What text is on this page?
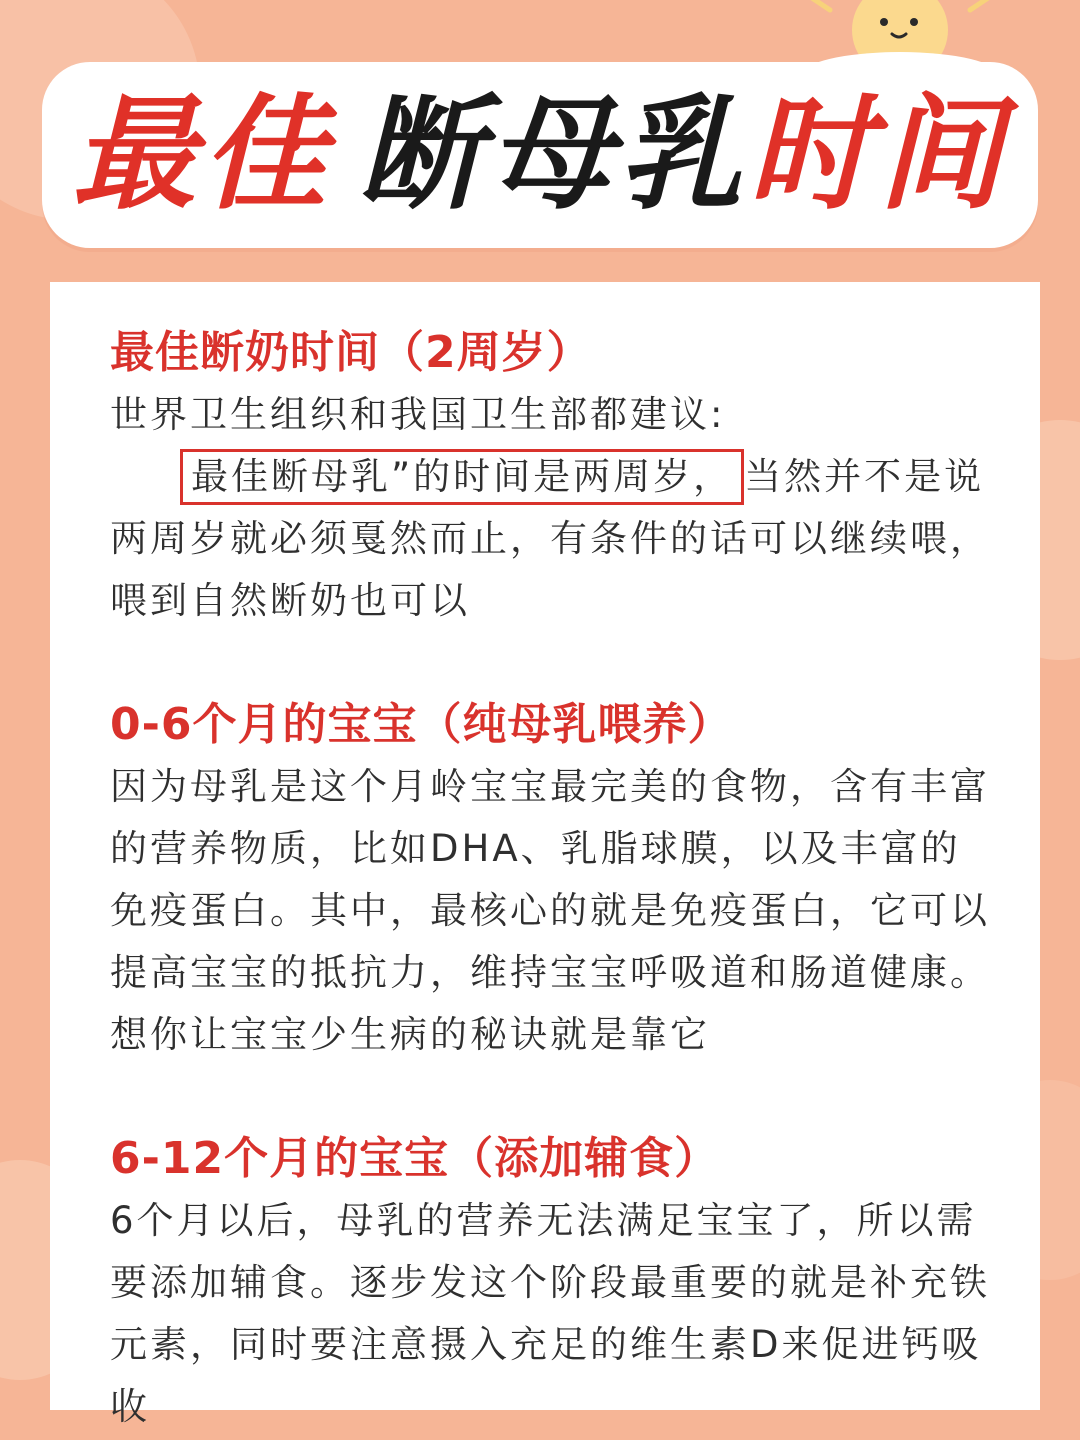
最佳 断母乳时间

最佳断奶时间（2周岁）

世界卫生组织和我国卫生部都建议:

最佳断母乳”的时间是两周岁， 当然并不是说

两周岁就必须戛然而止，有条件的话可以继续喂，喂到自然断奶也可以

0-6个月的宝宝（纯母乳喂养）

因为母乳是这个月岭宝宝最完美的食物，含有丰富的营养物质，比如DHA、乳脂球膜，以及丰富的免疫蛋白。其中，最核心的就是免疫蛋白，它可以提高宝宝的抵抗力，维持宝宝呼吸道和肠道健康。想你让宝宝少生病的秘诀就是靠它

6-12个月的宝宝（添加辅食）

6个月以后，母乳的营养无法满足宝宝了，所以需要添加辅食。逐步发这个阶段最重要的就是补充铁元素，同时要注意摄入充足的维生素D来促进钙吸收
